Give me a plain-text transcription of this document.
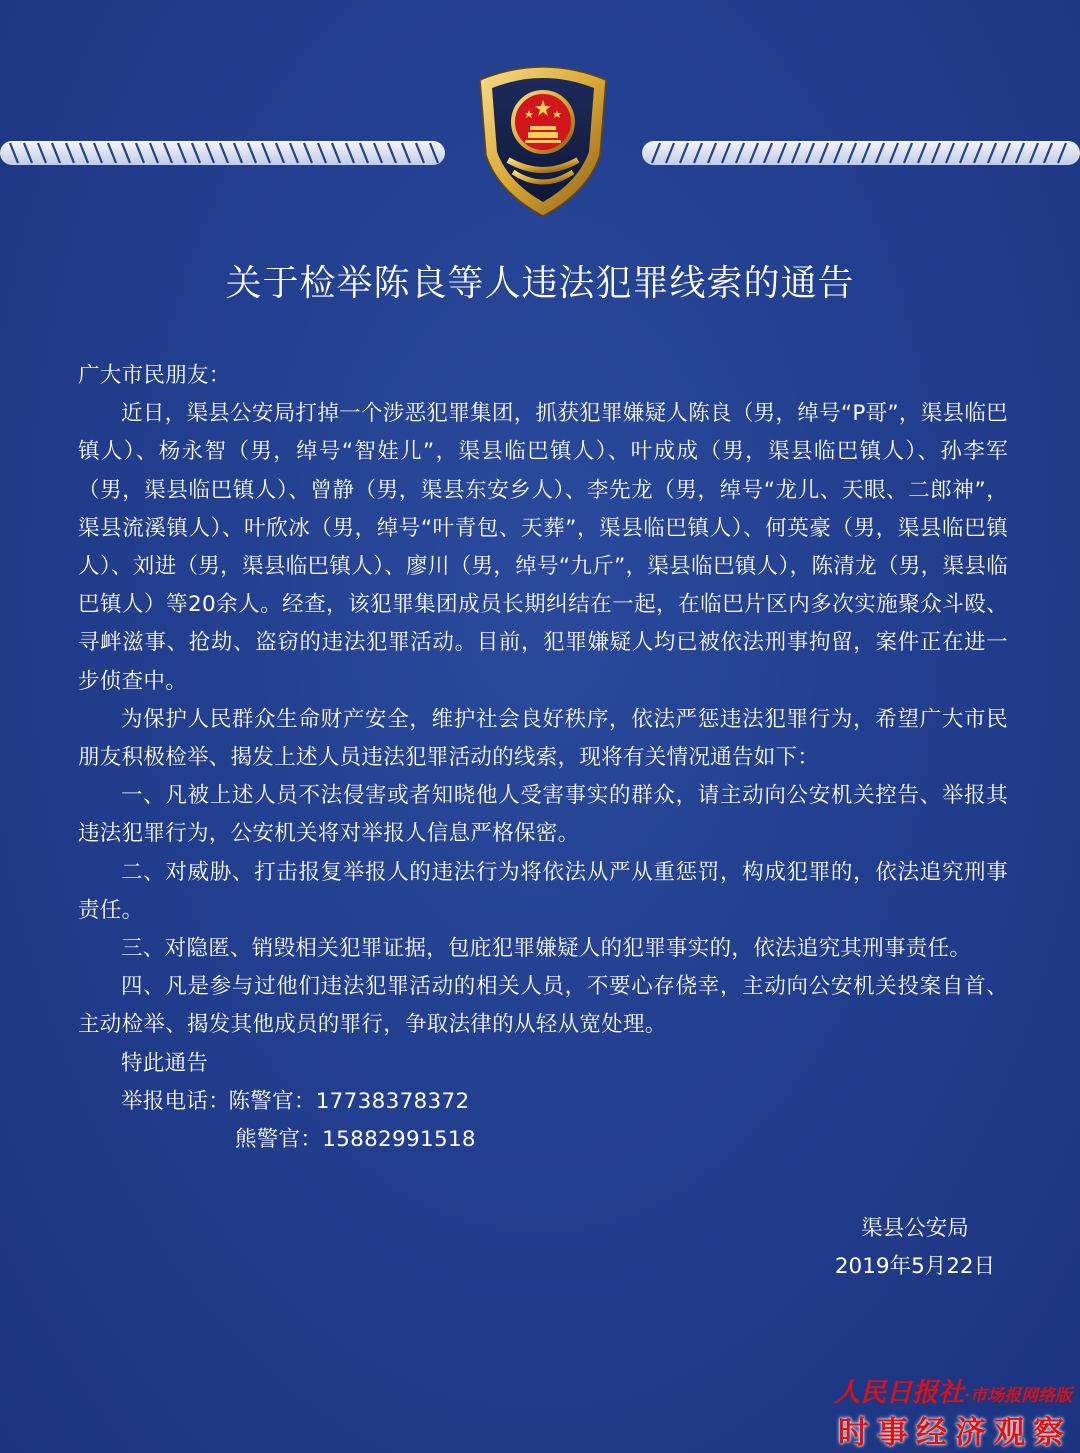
关于检举陈良等人违法犯罪线索的通告

广大市民朋友：

近日，渠县公安局打掉一个涉恶犯罪集团，抓获犯罪嫌疑人陈良（男，绰号“P哥”，渠县临巴镇人）、杨永智（男，绰号“智娃儿”，渠县临巴镇人）、叶成成（男，渠县临巴镇人）、孙李军（男，渠县临巴镇人）、曾静（男，渠县东安乡人）、李先龙（男，绰号“龙儿、天眼、二郎神”，渠县流溪镇人）、叶欣冰（男，绰号“叶青包、天葬”，渠县临巴镇人）、何英豪（男，渠县临巴镇人）、刘进（男，渠县临巴镇人）、廖川（男，绰号“九斤”，渠县临巴镇人），陈清龙（男，渠县临巴镇人）等20余人。经查，该犯罪集团成员长期纠结在一起，在临巴片区内多次实施聚众斗殴、寻衅滋事、抢劫、盗窃的违法犯罪活动。目前，犯罪嫌疑人均已被依法刑事拘留，案件正在进一步侦查中。

为保护人民群众生命财产安全，维护社会良好秩序，依法严惩违法犯罪行为，希望广大市民朋友积极检举、揭发上述人员违法犯罪活动的线索，现将有关情况通告如下：

一、凡被上述人员不法侵害或者知晓他人受害事实的群众，请主动向公安机关控告、举报其违法犯罪行为，公安机关将对举报人信息严格保密。

二、对威胁、打击报复举报人的违法行为将依法从严从重惩罚，构成犯罪的，依法追究刑事责任。

三、对隐匿、销毁相关犯罪证据，包庇犯罪嫌疑人的犯罪事实的，依法追究其刑事责任。

四、凡是参与过他们违法犯罪活动的相关人员，不要心存侥幸，主动向公安机关投案自首、主动检举、揭发其他成员的罪行，争取法律的从轻从宽处理。

特此通告

举报电话：陈警官：17738378372

熊警官：15882991518

渠县公安局
2019年5月22日
人民日报社·市场报网络版
时事经济观察
